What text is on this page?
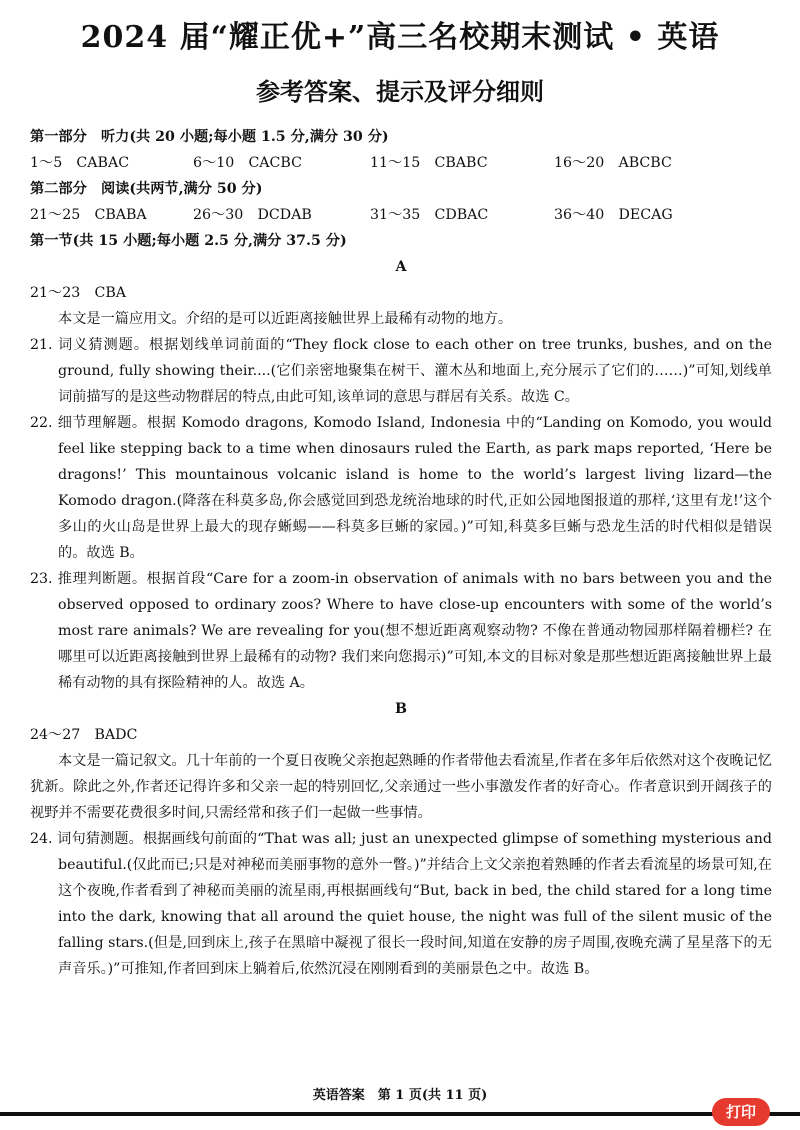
2024 届“耀正优+”高三名校期末测试 • 英语
参考答案、提示及评分细则
第一部分　听力(共 20 小题;每小题 1.5 分,满分 30 分)
1～5　CABAC	6～10　CACBC	11～15　CBABC	16～20　ABCBC
第二部分　阅读(共两节,满分 50 分)
21～25　CBABA	26～30　DCDAB	31～35　CDBAC	36～40　DECAG
第一节(共 15 小题;每小题 2.5 分,满分 37.5 分)
A
21～23　CBA
本文是一篇应用文。介绍的是可以近距离接触世界上最稀有动物的地方。
21. 词义猜测题。根据划线单词前面的“They flock close to each other on tree trunks, bushes, and on the ground, fully showing their....(它们亲密地聚集在树干、灌木丛和地面上,充分展示了它们的……)”可知,划线单词前描写的是这些动物群居的特点,由此可知,该单词的意思与群居有关系。故选 C。
22. 细节理解题。根据 Komodo dragons, Komodo Island, Indonesia 中的“Landing on Komodo, you would feel like stepping back to a time when dinosaurs ruled the Earth, as park maps reported, ‘Here be dragons!’ This mountainous volcanic island is home to the world’s largest living lizard—the Komodo dragon.(降落在科莫多岛,你会感觉回到恐龙统治地球的时代,正如公园地图报道的那样,‘这里有龙!’这个多山的火山岛是世界上最大的现存蜥蜴——科莫多巨蜥的家园。)”可知,科莫多巨蜥与恐龙生活的时代相似是错误的。故选 B。
23. 推理判断题。根据首段“Care for a zoom-in observation of animals with no bars between you and the observed opposed to ordinary zoos? Where to have close-up encounters with some of the world’s most rare animals? We are revealing for you(想不想近距离观察动物? 不像在普通动物园那样隔着栅栏? 在哪里可以近距离接触到世界上最稀有的动物? 我们来向您揭示)”可知,本文的目标对象是那些想近距离接触世界上最稀有动物的具有探险精神的人。故选 A。
B
24～27　BADC
本文是一篇记叙文。几十年前的一个夏日夜晚父亲抱起熟睡的作者带他去看流星,作者在多年后依然对这个夜晚记忆犹新。除此之外,作者还记得许多和父亲一起的特别回忆,父亲通过一些小事激发作者的好奇心。作者意识到开阔孩子的视野并不需要花费很多时间,只需经常和孩子们一起做一些事情。
24. 词句猜测题。根据画线句前面的“That was all; just an unexpected glimpse of something mysterious and beautiful.(仅此而已;只是对神秘而美丽事物的意外一瞥。)”并结合上文父亲抱着熟睡的作者去看流星的场景可知,在这个夜晚,作者看到了神秘而美丽的流星雨,再根据画线句“But, back in bed, the child stared for a long time into the dark, knowing that all around the quiet house, the night was full of the silent music of the falling stars.(但是,回到床上,孩子在黑暗中凝视了很长一段时间,知道在安静的房子周围,夜晚充满了星星落下的无声音乐。)”可推知,作者回到床上躺着后,依然沉浸在刚刚看到的美丽景色之中。故选 B。
英语答案　第 1 页(共 11 页)
打印
